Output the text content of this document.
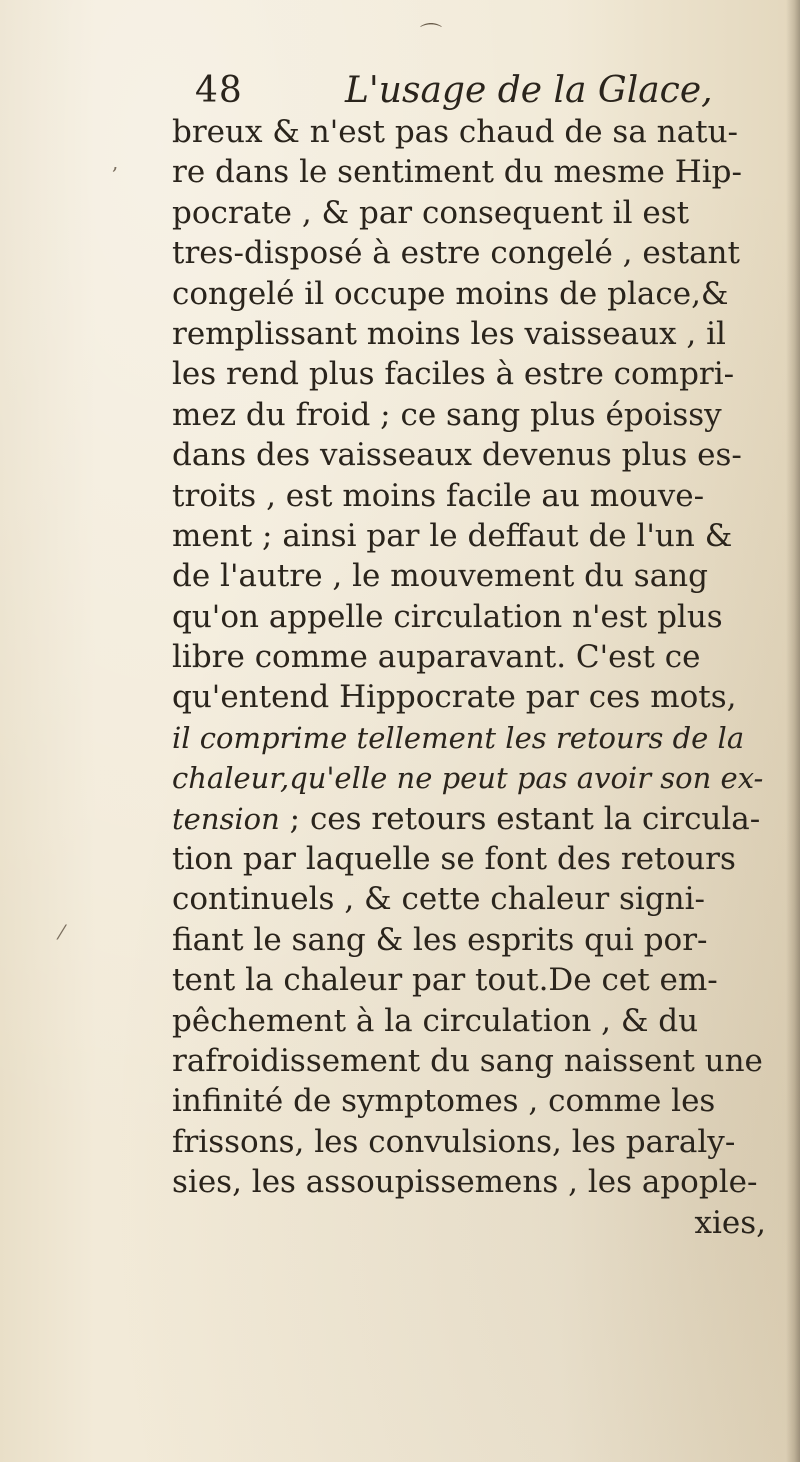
⌒
48	L'usage de la Glace,
breux & n'est pas chaud de sa natu-
re dans le sentiment du mesme Hip-
pocrate , & par consequent il est
tres-disposé à estre congelé , estant
congelé il occupe moins de place,&
remplissant moins les vaisseaux , il
les rend plus faciles à estre compri-
mez du froid ; ce sang plus époissy
dans des vaisseaux devenus plus es-
troits , est moins facile au mouve-
ment ; ainsi par le deffaut de l'un &
de l'autre , le mouvement du sang
qu'on appelle circulation n'est plus
libre comme auparavant. C'est ce
qu'entend Hippocrate par ces mots,
il comprime tellement les retours de la
chaleur,qu'elle ne peut pas avoir son ex-
tension ; ces retours estant la circula-
tion par laquelle se font des retours
continuels , & cette chaleur signi-
fiant le sang & les esprits qui por-
tent la chaleur par tout.De cet em-
pêchement à la circulation , & du
rafroidissement du sang naissent une
infinité de symptomes , comme les
frissons, les convulsions, les paraly-
sies, les assoupissemens , les apople-
xies,
,
⁄
